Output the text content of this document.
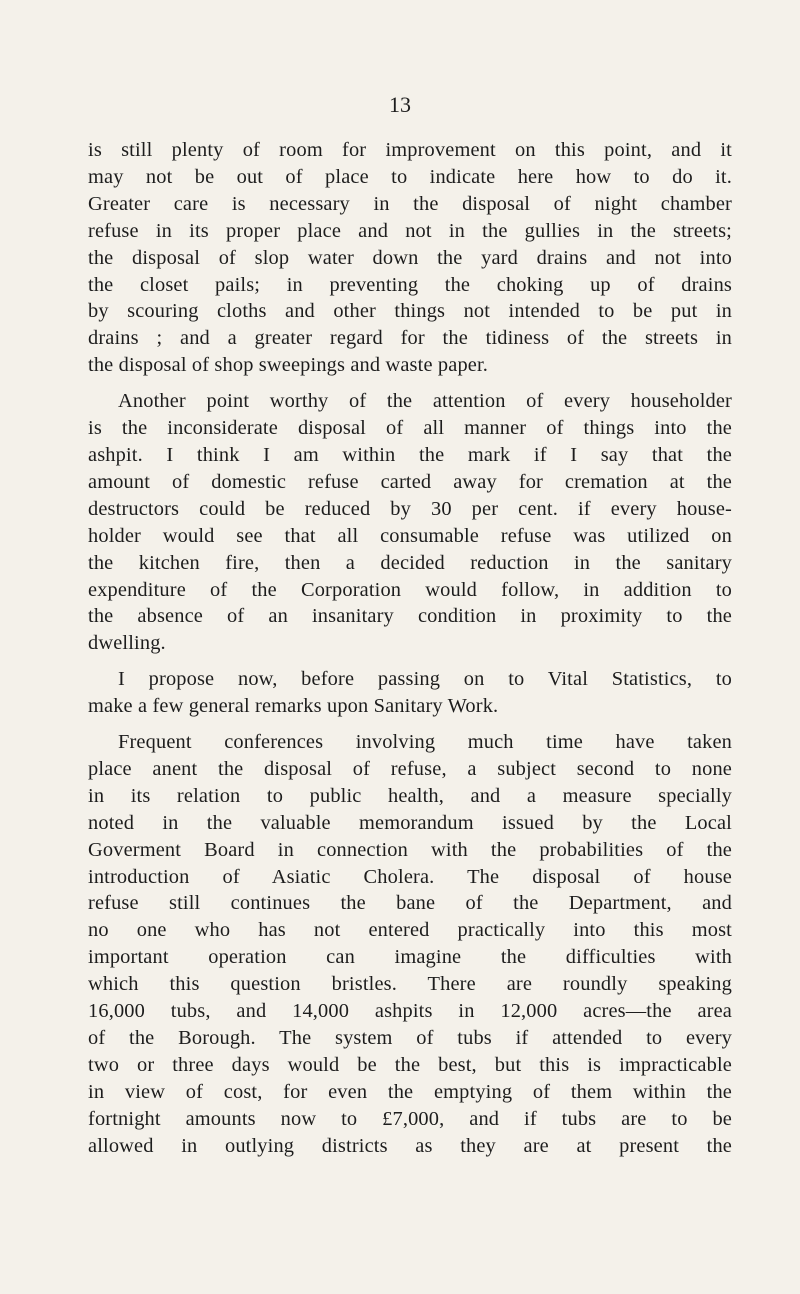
13

is still plenty of room for improvement on this point, and it
may not be out of place to indicate here how to do it.
Greater care is necessary in the disposal of night chamber
refuse in its proper place and not in the gullies in the streets;
the disposal of slop water down the yard drains and not into
the closet pails; in preventing the choking up of drains
by scouring cloths and other things not intended to be put in
drains ; and a greater regard for the tidiness of the streets in
the disposal of shop sweepings and waste paper.

Another point worthy of the attention of every householder
is the inconsiderate disposal of all manner of things into the
ashpit. I think I am within the mark if I say that the
amount of domestic refuse carted away for cremation at the
destructors could be reduced by 30 per cent. if every house-
holder would see that all consumable refuse was utilized on
the kitchen fire, then a decided reduction in the sanitary
expenditure of the Corporation would follow, in addition to
the absence of an insanitary condition in proximity to the
dwelling.

I propose now, before passing on to Vital Statistics, to
make a few general remarks upon Sanitary Work.

Frequent conferences involving much time have taken
place anent the disposal of refuse, a subject second to none
in its relation to public health, and a measure specially
noted in the valuable memorandum issued by the Local
Goverment Board in connection with the probabilities of the
introduction of Asiatic Cholera. The disposal of house
refuse still continues the bane of the Department, and
no one who has not entered practically into this most
important operation can imagine the difficulties with
which this question bristles. There are roundly speaking
16,000 tubs, and 14,000 ashpits in 12,000 acres—the area
of the Borough. The system of tubs if attended to every
two or three days would be the best, but this is impracticable
in view of cost, for even the emptying of them within the
fortnight amounts now to £7,000, and if tubs are to be
allowed in outlying districts as they are at present the
